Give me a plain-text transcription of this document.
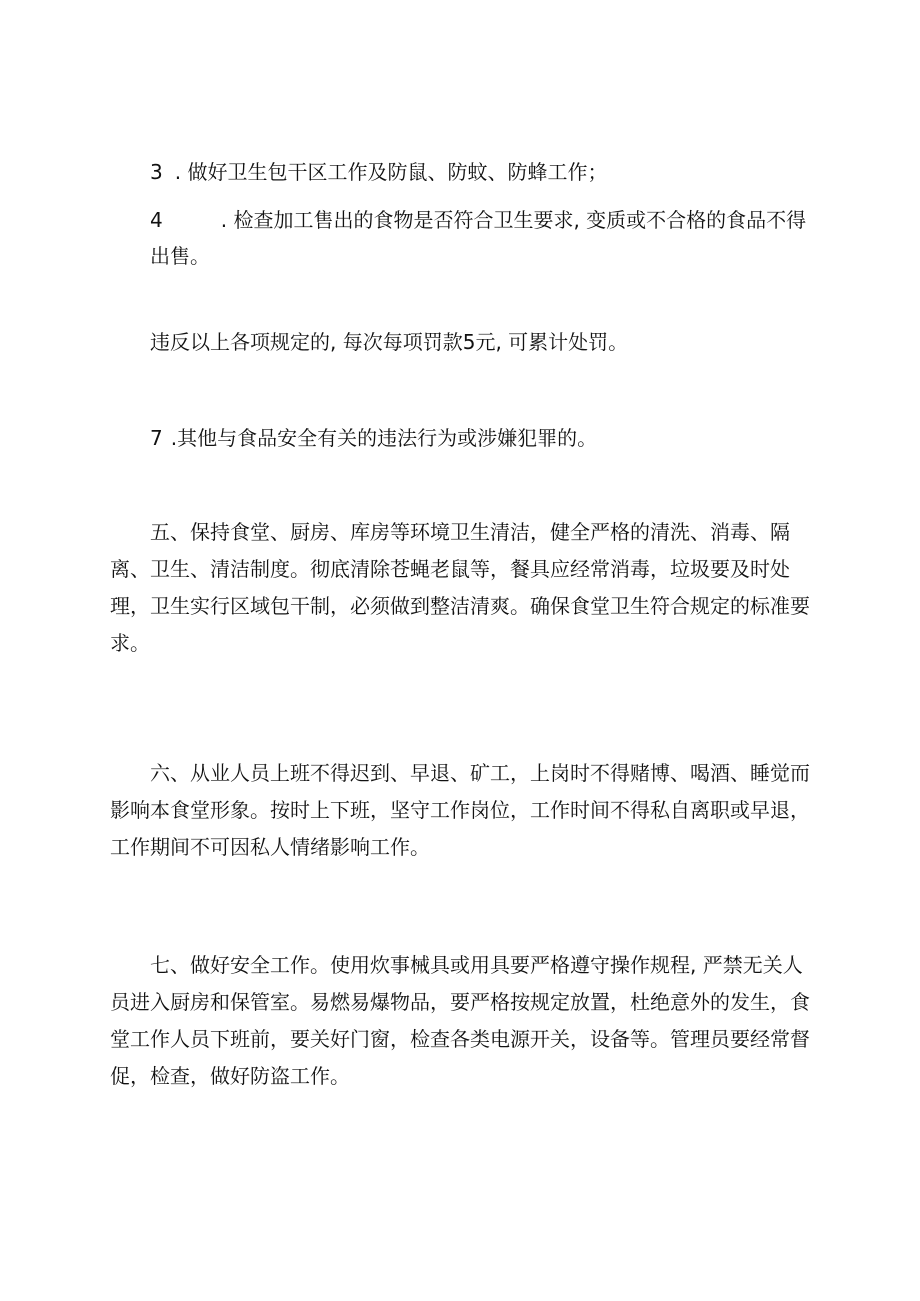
3 . 做好卫生包干区工作及防鼠、防蚊、防蜂工作；

4	. 检查加工售出的食物是否符合卫生要求, 变质或不合格的食品不得出售。

违反以上各项规定的, 每次每项罚款5元, 可累计处罚。

7 .其他与食品安全有关的违法行为或涉嫌犯罪的。

五、保持食堂、厨房、库房等环境卫生清洁，健全严格的清洗、消毒、隔离、卫生、清洁制度。彻底清除苍蝇老鼠等，餐具应经常消毒，垃圾要及时处理，卫生实行区域包干制，必须做到整洁清爽。确保食堂卫生符合规定的标准要求。

六、从业人员上班不得迟到、早退、矿工，上岗时不得赌博、喝酒、睡觉而影响本食堂形象。按时上下班，坚守工作岗位，工作时间不得私自离职或早退，工作期间不可因私人情绪影响工作。

七、做好安全工作。使用炊事械具或用具要严格遵守操作规程, 严禁无关人员进入厨房和保管室。易燃易爆物品，要严格按规定放置，杜绝意外的发生，食堂工作人员下班前，要关好门窗，检查各类电源开关，设备等。管理员要经常督促，检查，做好防盗工作。
